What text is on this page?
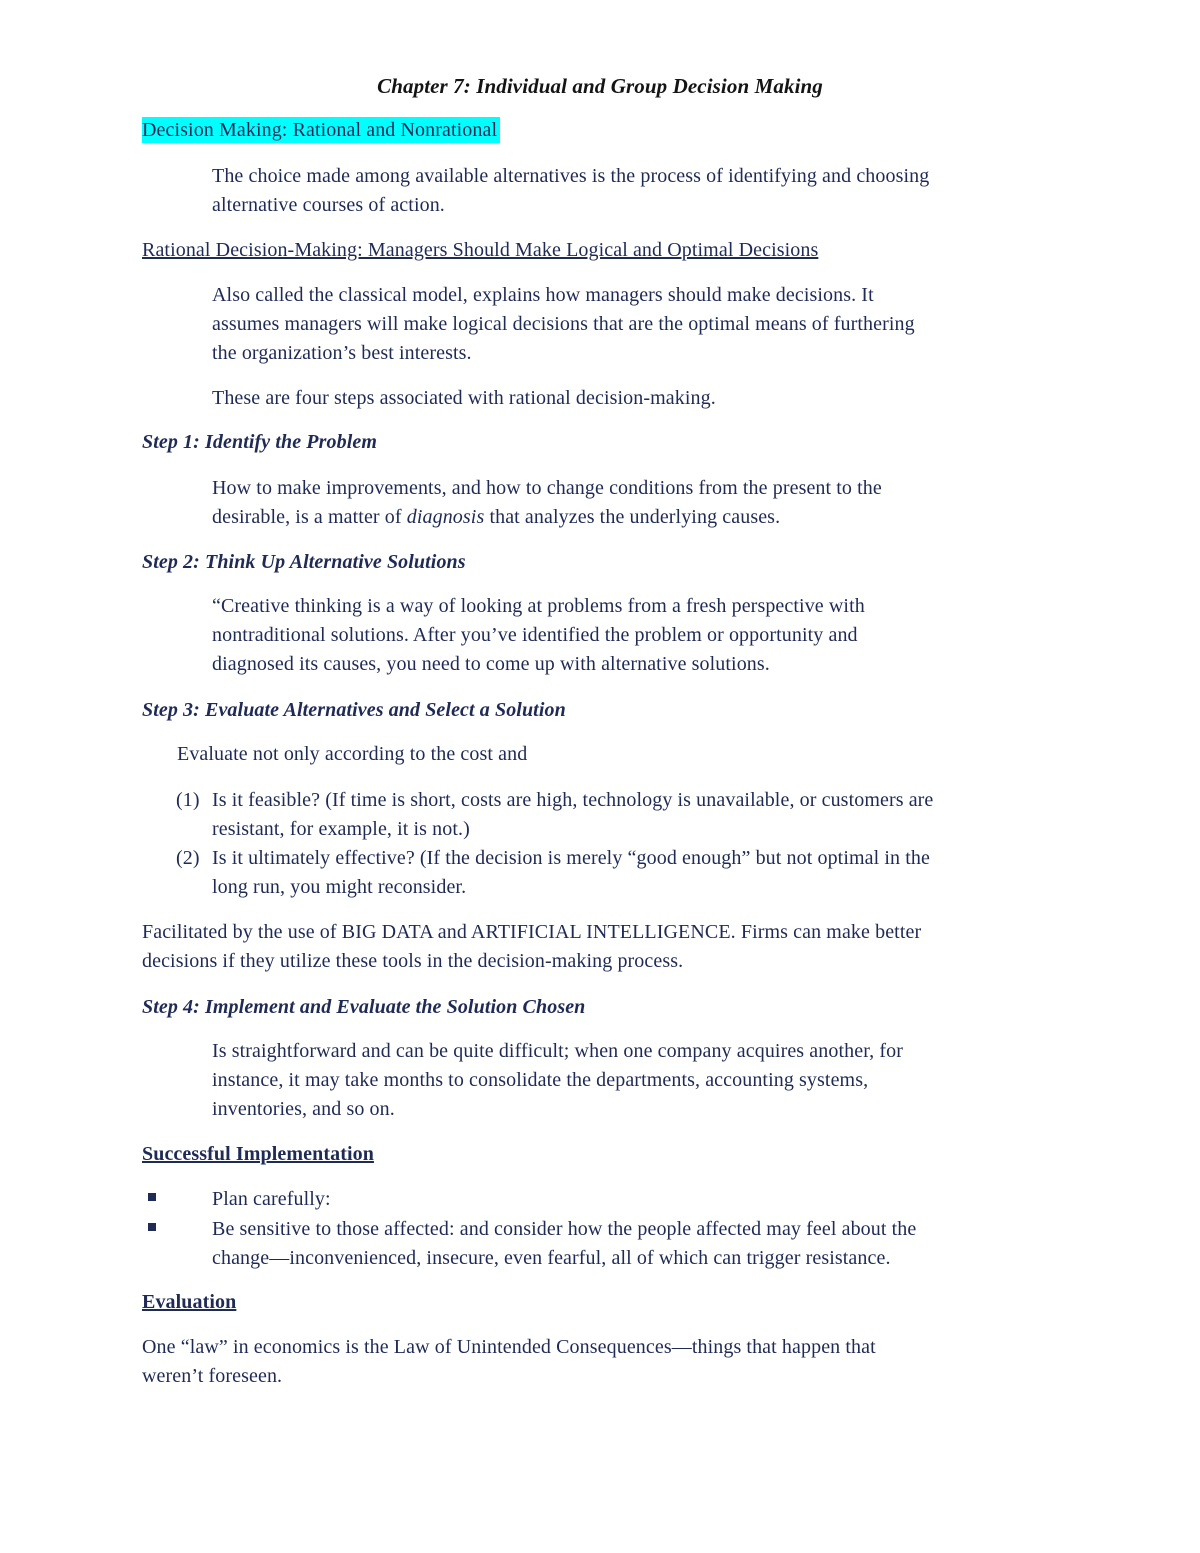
Chapter 7: Individual and Group Decision Making
Decision Making: Rational and Nonrational
The choice made among available alternatives is the process of identifying and choosing
alternative courses of action.
Rational Decision-Making: Managers Should Make Logical and Optimal Decisions
Also called the classical model, explains how managers should make decisions. It
assumes managers will make logical decisions that are the optimal means of furthering
the organization’s best interests.
These are four steps associated with rational decision-making.
Step 1: Identify the Problem
How to make improvements, and how to change conditions from the present to the
desirable, is a matter of diagnosis that analyzes the underlying causes.
Step 2: Think Up Alternative Solutions
“Creative thinking is a way of looking at problems from a fresh perspective with
nontraditional solutions. After you’ve identified the problem or opportunity and
diagnosed its causes, you need to come up with alternative solutions.
Step 3: Evaluate Alternatives and Select a Solution
Evaluate not only according to the cost and
(1) Is it feasible? (If time is short, costs are high, technology is unavailable, or customers are
resistant, for example, it is not.)
(2) Is it ultimately effective? (If the decision is merely “good enough” but not optimal in the
long run, you might reconsider.
Facilitated by the use of BIG DATA and ARTIFICIAL INTELLIGENCE. Firms can make better
decisions if they utilize these tools in the decision-making process.
Step 4: Implement and Evaluate the Solution Chosen
Is straightforward and can be quite difficult; when one company acquires another, for
instance, it may take months to consolidate the departments, accounting systems,
inventories, and so on.
Successful Implementation
Plan carefully:
Be sensitive to those affected: and consider how the people affected may feel about the
change—inconvenienced, insecure, even fearful, all of which can trigger resistance.
Evaluation
One “law” in economics is the Law of Unintended Consequences—things that happen that
weren’t foreseen.
